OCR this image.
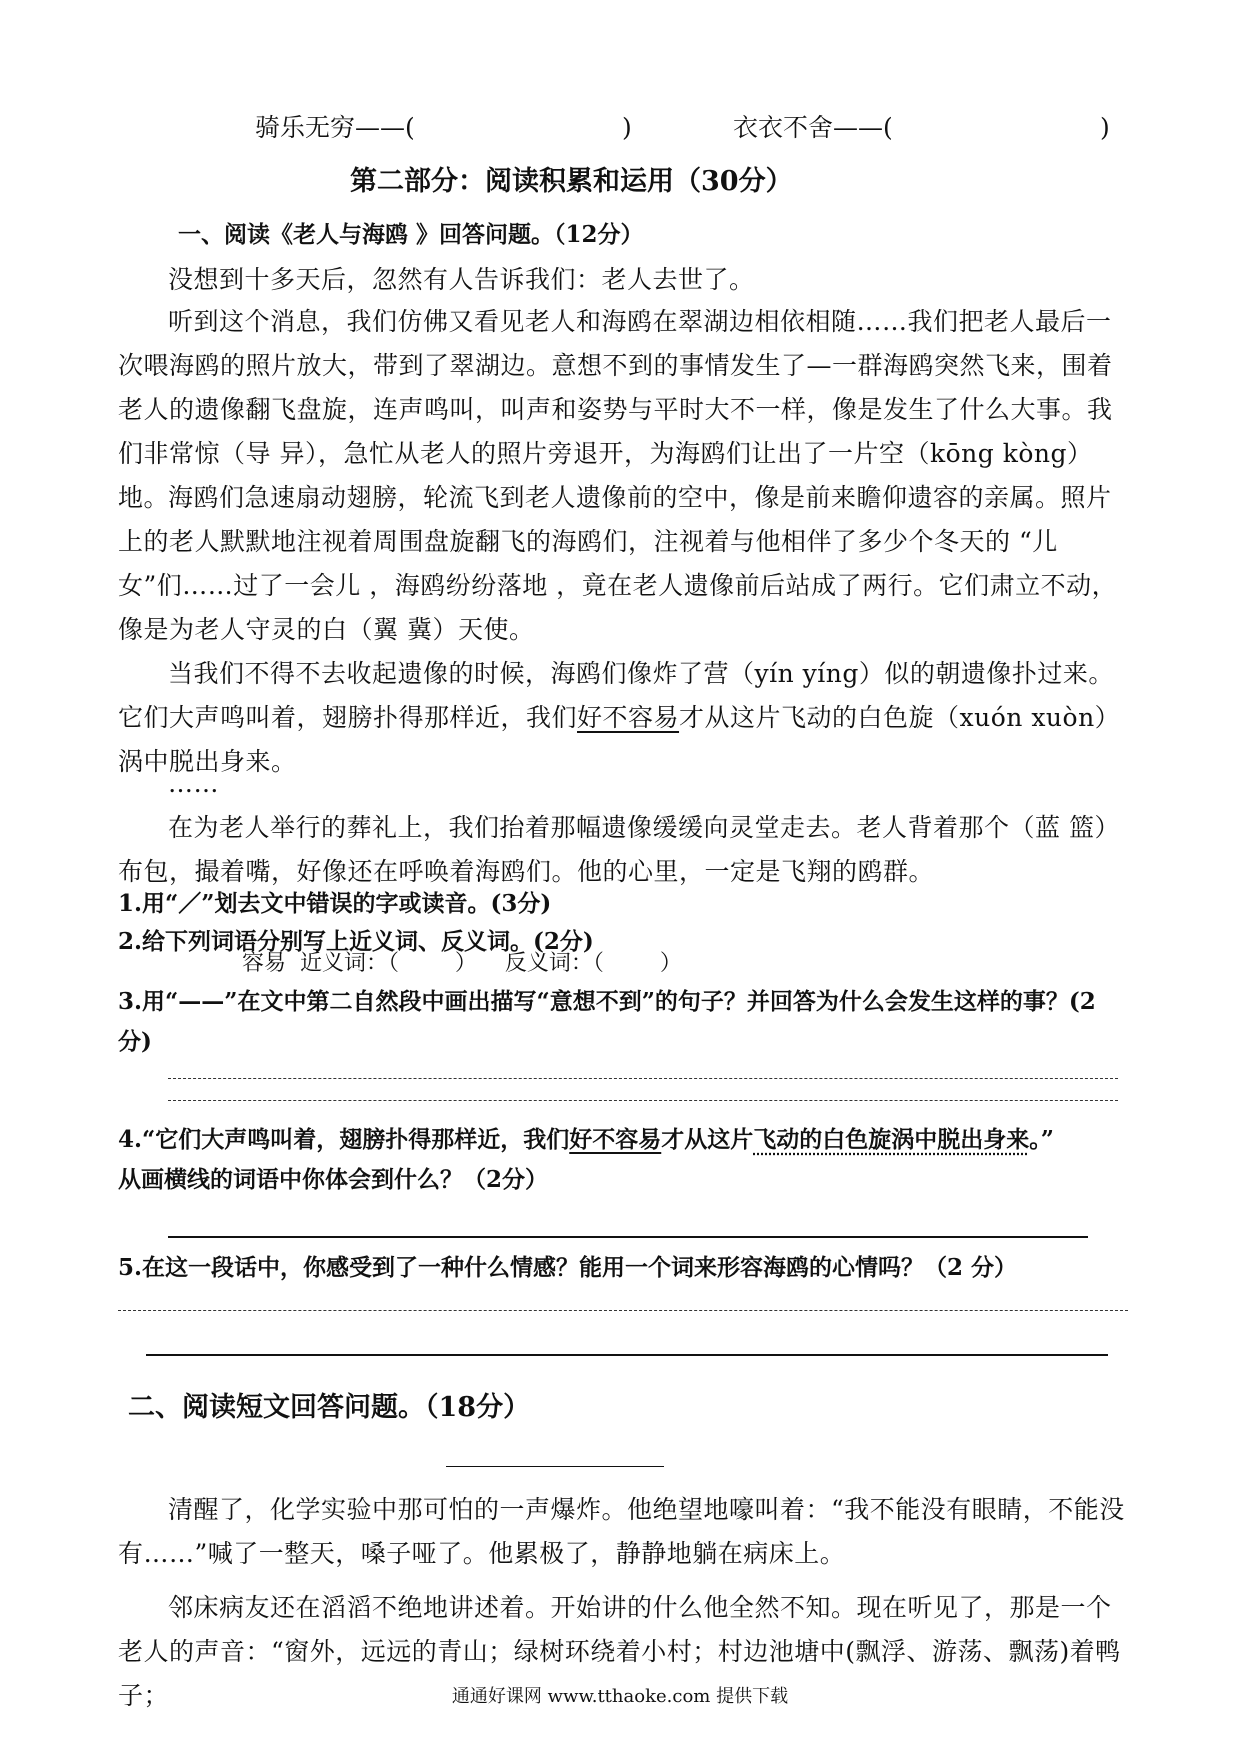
骑乐无穷——(	)	衣衣不舍——(	)
第二部分：阅读积累和运用（30分）
一、阅读《老人与海鸥 》回答问题。（12分）
没想到十多天后，忽然有人告诉我们：老人去世了。
听到这个消息，我们仿佛又看见老人和海鸥在翠湖边相依相随……我们把老人最后一次喂海鸥的照片放大，带到了翠湖边。意想不到的事情发生了—一群海鸥突然飞来，围着老人的遗像翻飞盘旋，连声鸣叫，叫声和姿势与平时大不一样，像是发生了什么大事。我们非常惊（导 异），急忙从老人的照片旁退开，为海鸥们让出了一片空（kōng kòng）地。
海鸥们急速扇动翅膀，轮流飞到老人遗像前的空中，像是前来瞻仰遗容的亲属。照片上的老人默默地注视着周围盘旋翻飞的海鸥们，注视着与他相伴了多少个冬天的 “儿女”们……过了一会儿 ，海鸥纷纷落地 ，竟在老人遗像前后站成了两行。它们肃立不动，像是为老人守灵的白（翼 冀）天使。
当我们不得不去收起遗像的时候，海鸥们像炸了营（yín yíng）似的朝遗像扑过来。它们大声鸣叫着，翅膀扑得那样近，我们好不容易才从这片飞动的白色旋（xuón xuòn）涡中脱出身来。
……
在为老人举行的葬礼上，我们抬着那幅遗像缓缓向灵堂走去。老人背着那个（蓝 篮）布包，撮着嘴，好像还在呼唤着海鸥们。他的心里，一定是飞翔的鸥群。
1.用“／”划去文中错误的字或读音。(3分)
2.给下列词语分别写上近义词、反义词。(2分)
容易  近义词：（        ）    反义词：（        ）
3.用“——”在文中第二自然段中画出描写“意想不到”的句子？并回答为什么会发生这样的事？(2分)
4.“它们大声鸣叫着，翅膀扑得那样近，我们好不容易才从这片飞动的白色旋涡中脱出身来。”
从画横线的词语中你体会到什么？（2分）
5.在这一段话中，你感受到了一种什么情感？能用一个词来形容海鸥的心情吗？（2 分）
二、阅读短文回答问题。（18分）
清醒了，化学实验中那可怕的一声爆炸。他绝望地嚎叫着：“我不能没有眼睛，不能没有……”喊了一整天，嗓子哑了。他累极了，静静地躺在病床上。
邻床病友还在滔滔不绝地讲述着。开始讲的什么他全然不知。现在听见了，那是一个老人的声音：“窗外，远远的青山；绿树环绕着小村；村边池塘中(飘浮、游荡、飘荡)着鸭子；	通通好课网 www.tthaoke.com 提供下载
